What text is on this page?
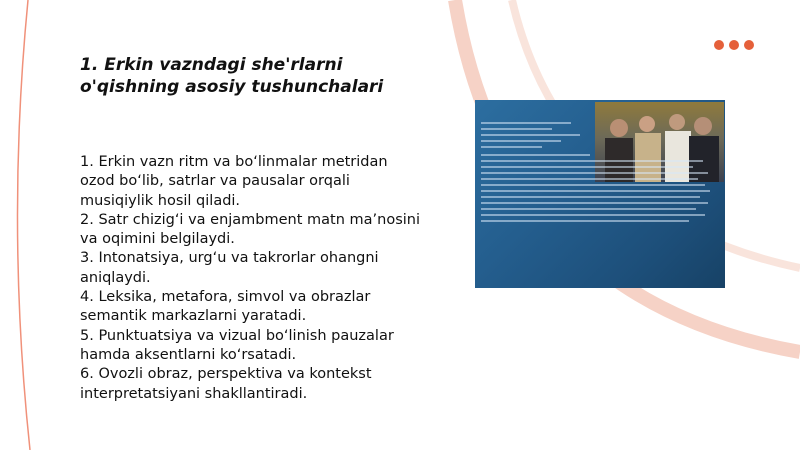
1. Erkin vazndagi she'rlarni o'qishning asosiy tushunchalari
1. Erkin vazn ritm va bo‘linmalar metridan ozod bo‘lib, satrlar va pausalar orqali musiqiylik hosil qiladi.
2. Satr chizig‘i va enjambment matn ma’nosini va oqimini belgilaydi.
3. Intonatsiya, urg‘u va takrorlar ohangni aniqlaydi.
4. Leksika, metafora, simvol va obrazlar semantik markazlarni yaratadi.
5. Punktuatsiya va vizual bo‘linish pauzalar hamda aksentlarni ko‘rsatadi.
6. Ovozli obraz, perspektiva va kontekst interpretatsiyani shakllantiradi.
